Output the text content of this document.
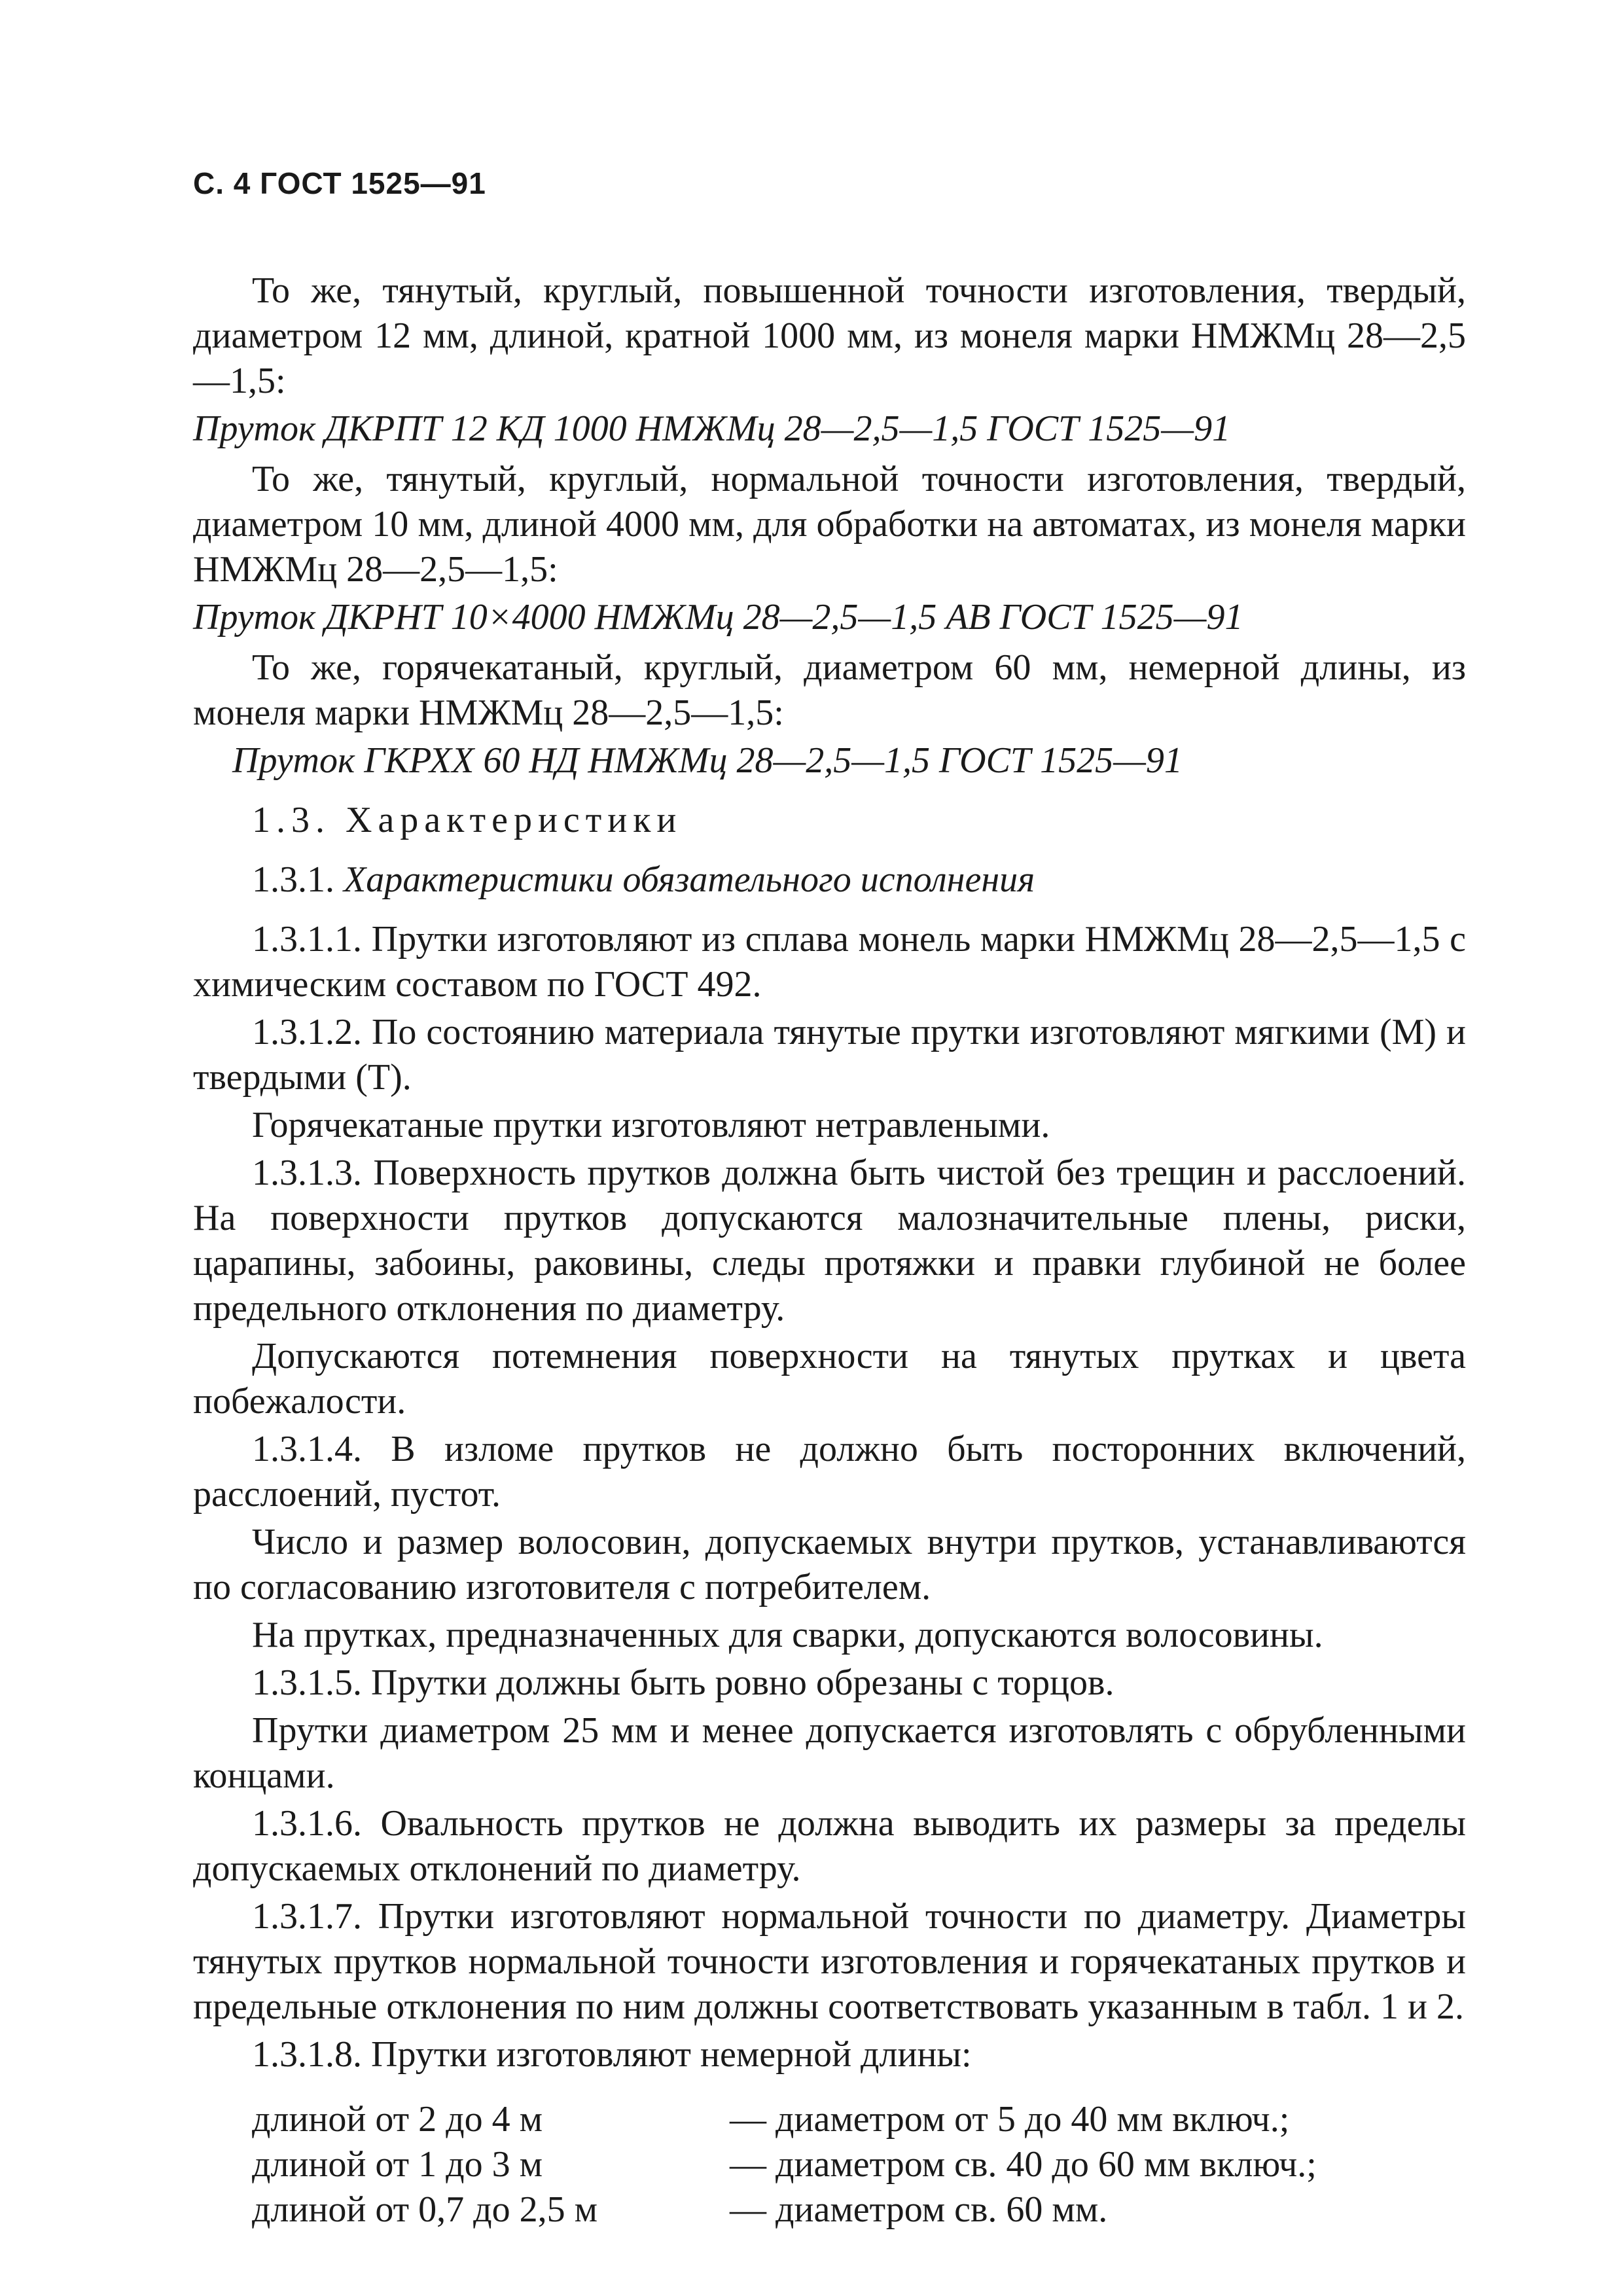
С. 4 ГОСТ 1525—91
То же, тянутый, круглый, повышенной точности изготовления, твердый, диаметром 12 мм, длиной, кратной 1000 мм, из монеля марки НМЖМц 28—2,5—1,5:
Пруток ДКРПТ 12 КД 1000 НМЖМц 28—2,5—1,5 ГОСТ 1525—91
То же, тянутый, круглый, нормальной точности изготовления, твердый, диаметром 10 мм, длиной 4000 мм, для обработки на автоматах, из монеля марки НМЖМц 28—2,5—1,5:
Пруток ДКРНТ 10×4000 НМЖМц 28—2,5—1,5 АВ ГОСТ 1525—91
То же, горячекатаный, круглый, диаметром 60 мм, немерной длины, из монеля марки НМЖМц 28—2,5—1,5:
Пруток ГКРХХ 60 НД НМЖМц 28—2,5—1,5 ГОСТ 1525—91
1.3. Характеристики
1.3.1. Характеристики обязательного исполнения
1.3.1.1. Прутки изготовляют из сплава монель марки НМЖМц 28—2,5—1,5 с химическим составом по ГОСТ 492.
1.3.1.2. По состоянию материала тянутые прутки изготовляют мягкими (М) и твердыми (Т).
Горячекатаные прутки изготовляют нетравлеными.
1.3.1.3. Поверхность прутков должна быть чистой без трещин и расслоений. На поверхности прутков допускаются малозначительные плены, риски, царапины, забоины, раковины, следы протяжки и правки глубиной не более предельного отклонения по диаметру.
Допускаются потемнения поверхности на тянутых прутках и цвета побежалости.
1.3.1.4. В изломе прутков не должно быть посторонних включений, расслоений, пустот.
Число и размер волосовин, допускаемых внутри прутков, устанавливаются по согласованию изготовителя с потребителем.
На прутках, предназначенных для сварки, допускаются волосовины.
1.3.1.5. Прутки должны быть ровно обрезаны с торцов.
Прутки диаметром 25 мм и менее допускается изготовлять с обрубленными концами.
1.3.1.6. Овальность прутков не должна выводить их размеры за пределы допускаемых отклонений по диаметру.
1.3.1.7. Прутки изготовляют нормальной точности по диаметру. Диаметры тянутых прутков нормальной точности изготовления и горячекатаных прутков и предельные отклонения по ним должны соответствовать указанным в табл. 1 и 2.
1.3.1.8. Прутки изготовляют немерной длины:
длиной от 2 до 4 м	— диаметром от 5 до 40 мм включ.;
длиной от 1 до 3 м	— диаметром св. 40 до 60 мм включ.;
длиной от 0,7 до 2,5 м	— диаметром св. 60 мм.
